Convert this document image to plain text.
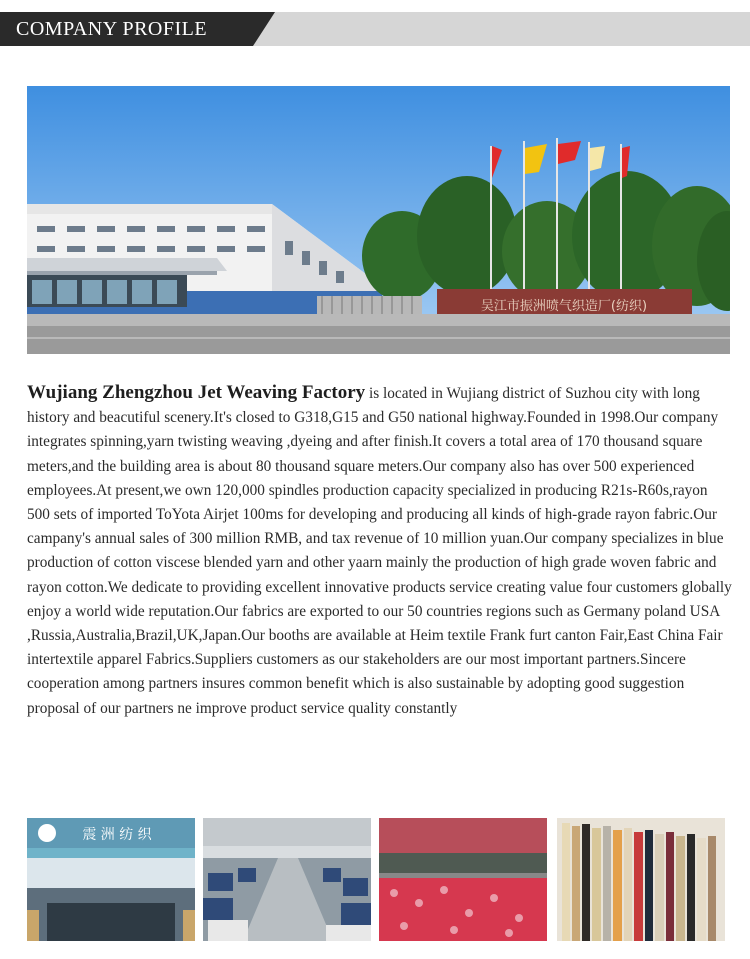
COMPANY PROFILE
吴江市振洲喷气织造厂(纺织)
Wujiang Zhengzhou Jet Weaving Factory is located in Wujiang district of Suzhou city with long history and beacutiful scenery.It's closed to G318,G15 and G50 national highway.Founded in 1998.Our company integrates spinning,yarn twisting weaving ,dyeing and after finish.It covers a total area of 170 thousand square meters,and the building area is about 80 thousand square meters.Our company also has over 500 experienced employees.At present,we own 120,000 spindles production capacity specialized in producing R21s-R60s,rayon 500 sets of imported ToYota Airjet 100ms for developing and producing all kinds of high-grade rayon fabric.Our campany's annual sales of 300 million RMB, and tax revenue of 10 million yuan.Our company specializes in blue production of cotton viscese blended yarn and other yaarn mainly the production of high grade woven fabric and rayon cotton.We dedicate to providing excellent innovative products service creating value four customers globally enjoy a world wide reputation.Our fabrics are exported to our 50 countries regions such as Germany poland USA ,Russia,Australia,Brazil,UK,Japan.Our booths are available at Heim textile Frank furt canton Fair,East China Fair intertextile apparel Fabrics.Suppliers customers as our stakeholders are our most important partners.Sincere cooperation among partners insures common benefit which is also sustainable by adopting good suggestion proposal of our partners ne improve product service quality constantly
震 洲 纺 织
